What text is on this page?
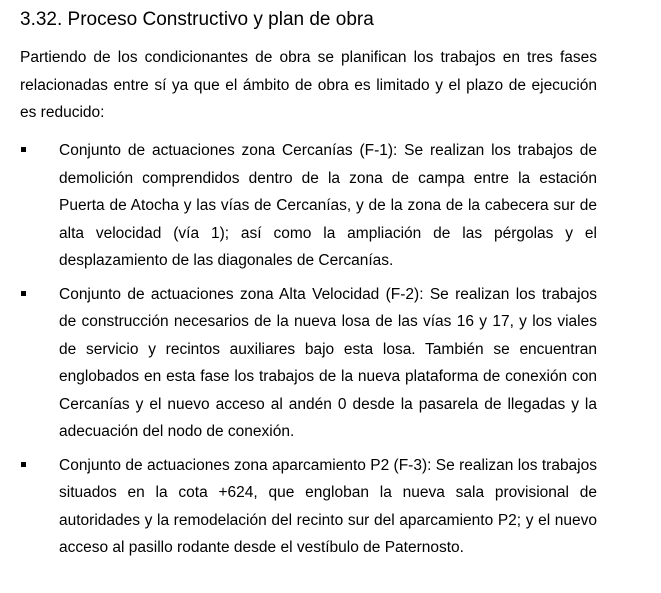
3.32. Proceso Constructivo y plan de obra

Partiendo de los condicionantes de obra se planifican los trabajos en tres fases relacionadas entre sí ya que el ámbito de obra es limitado y el plazo de ejecución es reducido:

Conjunto de actuaciones zona Cercanías (F-1): Se realizan los trabajos de demolición comprendidos dentro de la zona de campa entre la estación Puerta de Atocha y las vías de Cercanías, y de la zona de la cabecera sur de alta velocidad (vía 1); así como la ampliación de las pérgolas y el desplazamiento de las diagonales de Cercanías.
Conjunto de actuaciones zona Alta Velocidad (F-2): Se realizan los trabajos de construcción necesarios de la nueva losa de las vías 16 y 17, y los viales de servicio y recintos auxiliares bajo esta losa. También se encuentran englobados en esta fase los trabajos de la nueva plataforma de conexión con Cercanías y el nuevo acceso al andén 0 desde la pasarela de llegadas y la adecuación del nodo de conexión.
Conjunto de actuaciones zona aparcamiento P2 (F-3): Se realizan los trabajos situados en la cota +624, que engloban la nueva sala provisional de autoridades y la remodelación del recinto sur del aparcamiento P2; y el nuevo acceso al pasillo rodante desde el vestíbulo de Paternosto.
